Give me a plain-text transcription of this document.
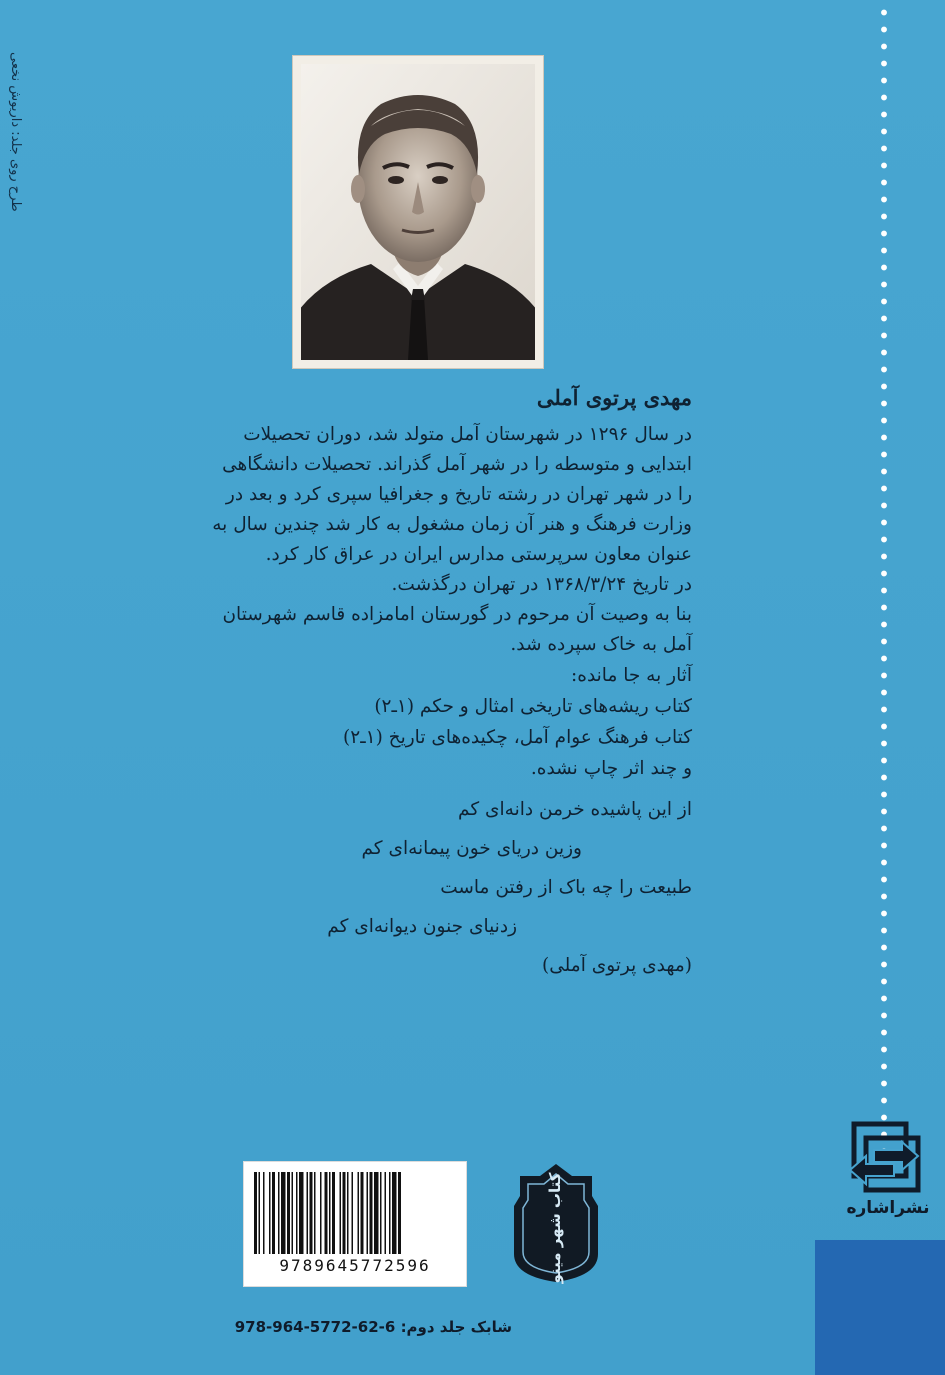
طرح روی جلد: داریوش نخعی

مهدی پرتوی آملی

در سال ۱۲۹۶ در شهرستان آمل متولد شد، دوران تحصیلات

ابتدایی و متوسطه را در شهر آمل گذراند. تحصیلات دانشگاهی

را در شهر تهران در رشته تاریخ و جغرافیا سپری کرد و بعد در

وزارت فرهنگ و هنر آن زمان مشغول به کار شد چندین سال به

عنوان معاون سرپرستی مدارس ایران در عراق کار کرد.

در تاریخ ۱۳۶۸/۳/۲۴ در تهران درگذشت.

بنا به وصیت آن مرحوم در گورستان امامزاده قاسم شهرستان

آمل به خاک سپرده شد.

آثار به جا مانده:

کتاب ریشه‌های تاریخی امثال و حکم (۱ـ۲)

کتاب فرهنگ عوام آمل، چکیده‌های تاریخ (۱ـ۲)

و چند اثر چاپ نشده.

از این پاشیده خرمن دانه‌ای کم

وزین دریای خون پیمانه‌ای کم

طبیعت را چه باک از رفتن ماست

زدنیای جنون دیوانه‌ای کم

(مهدی پرتوی آملی)

نشراشاره
کتاب شهر مینو
9789645772596
شابک جلد دوم: 978-964-5772-62-6
